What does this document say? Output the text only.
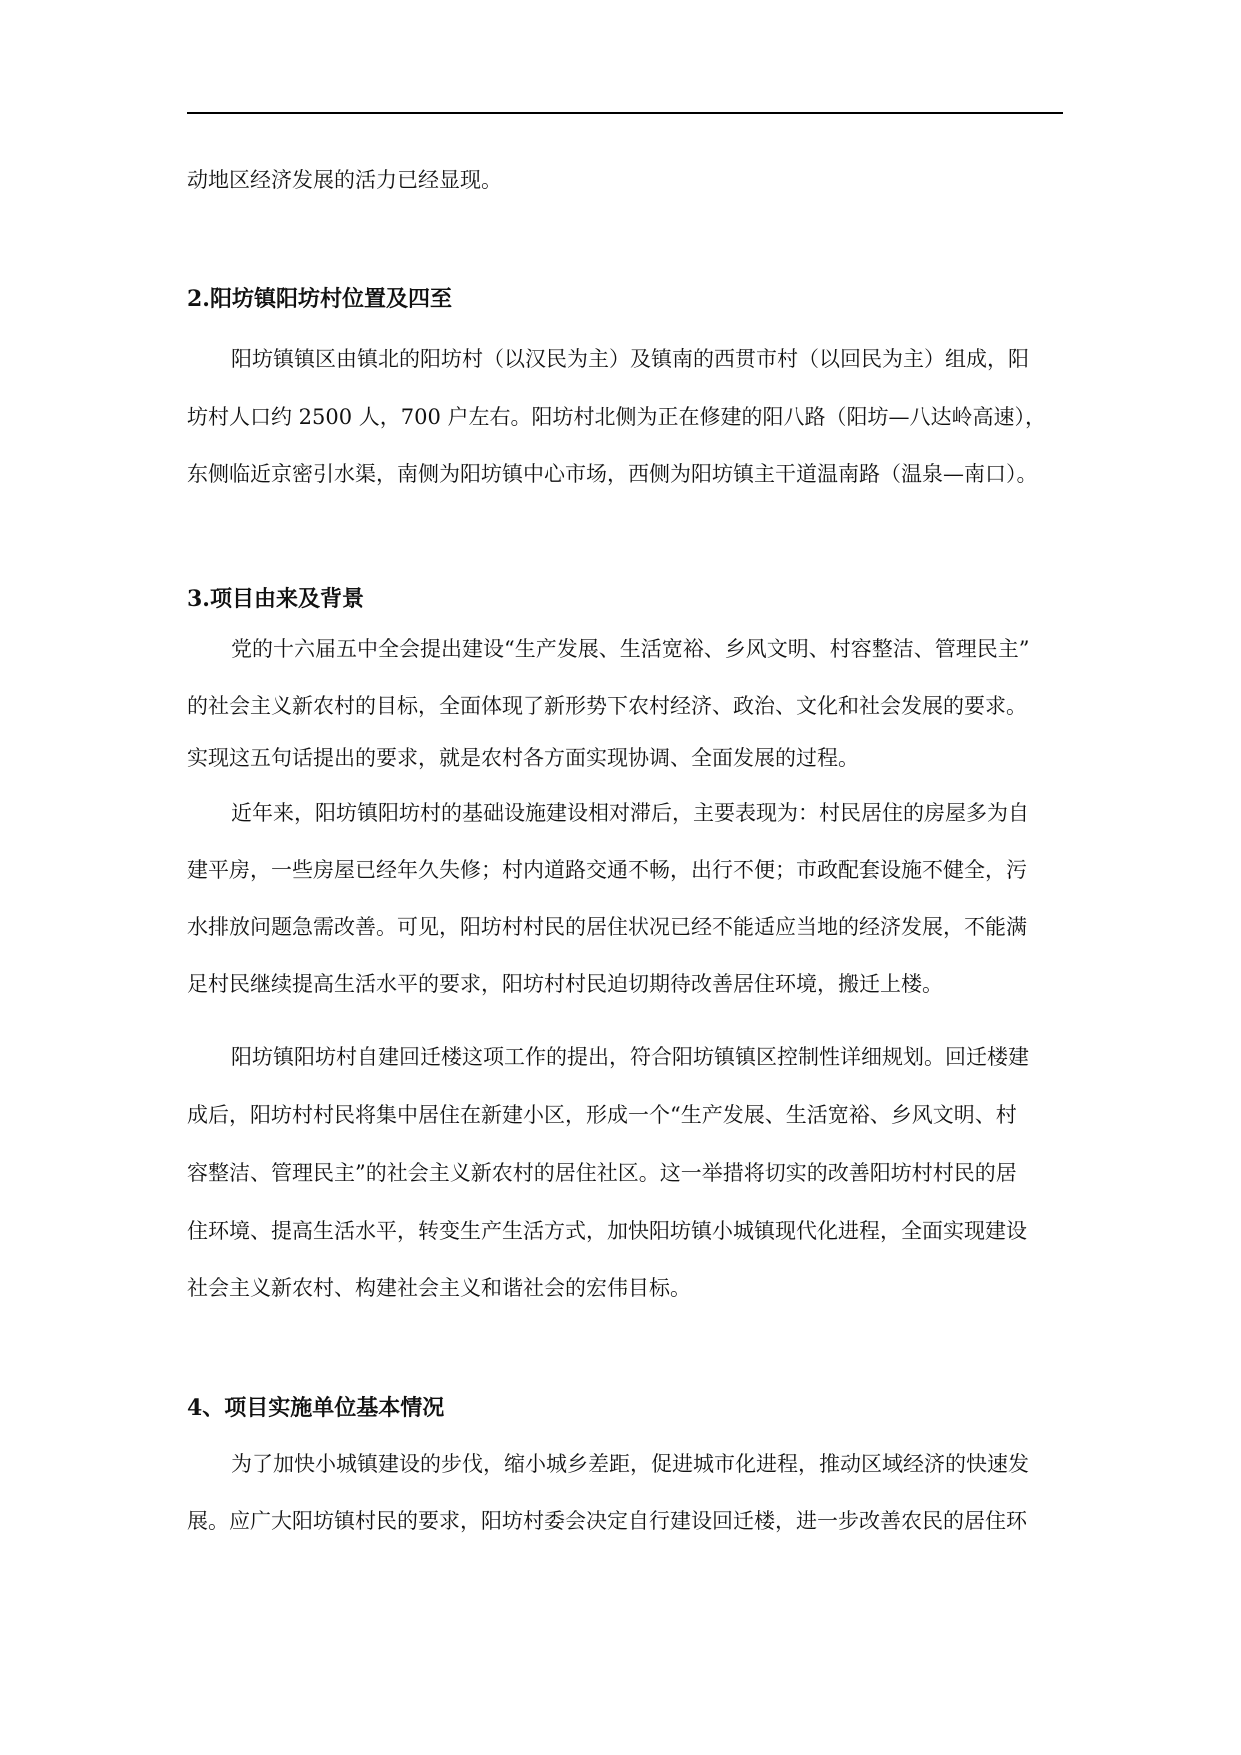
动地区经济发展的活力已经显现。
2.阳坊镇阳坊村位置及四至
阳坊镇镇区由镇北的阳坊村（以汉民为主）及镇南的西贯市村（以回民为主）组成，阳
坊村人口约 2500 人，700 户左右。阳坊村北侧为正在修建的阳八路（阳坊—八达岭高速），
东侧临近京密引水渠，南侧为阳坊镇中心市场，西侧为阳坊镇主干道温南路（温泉—南口）。
3.项目由来及背景
党的十六届五中全会提出建设“生产发展、生活宽裕、乡风文明、村容整洁、管理民主”
的社会主义新农村的目标，全面体现了新形势下农村经济、政治、文化和社会发展的要求。
实现这五句话提出的要求，就是农村各方面实现协调、全面发展的过程。
近年来，阳坊镇阳坊村的基础设施建设相对滞后，主要表现为：村民居住的房屋多为自
建平房，一些房屋已经年久失修；村内道路交通不畅，出行不便；市政配套设施不健全，污
水排放问题急需改善。可见，阳坊村村民的居住状况已经不能适应当地的经济发展，不能满
足村民继续提高生活水平的要求，阳坊村村民迫切期待改善居住环境，搬迁上楼。
阳坊镇阳坊村自建回迁楼这项工作的提出，符合阳坊镇镇区控制性详细规划。回迁楼建
成后，阳坊村村民将集中居住在新建小区，形成一个“生产发展、生活宽裕、乡风文明、村
容整洁、管理民主”的社会主义新农村的居住社区。这一举措将切实的改善阳坊村村民的居
住环境、提高生活水平，转变生产生活方式，加快阳坊镇小城镇现代化进程，全面实现建设
社会主义新农村、构建社会主义和谐社会的宏伟目标。
4、项目实施单位基本情况
为了加快小城镇建设的步伐，缩小城乡差距，促进城市化进程，推动区域经济的快速发
展。应广大阳坊镇村民的要求，阳坊村委会决定自行建设回迁楼，进一步改善农民的居住环
